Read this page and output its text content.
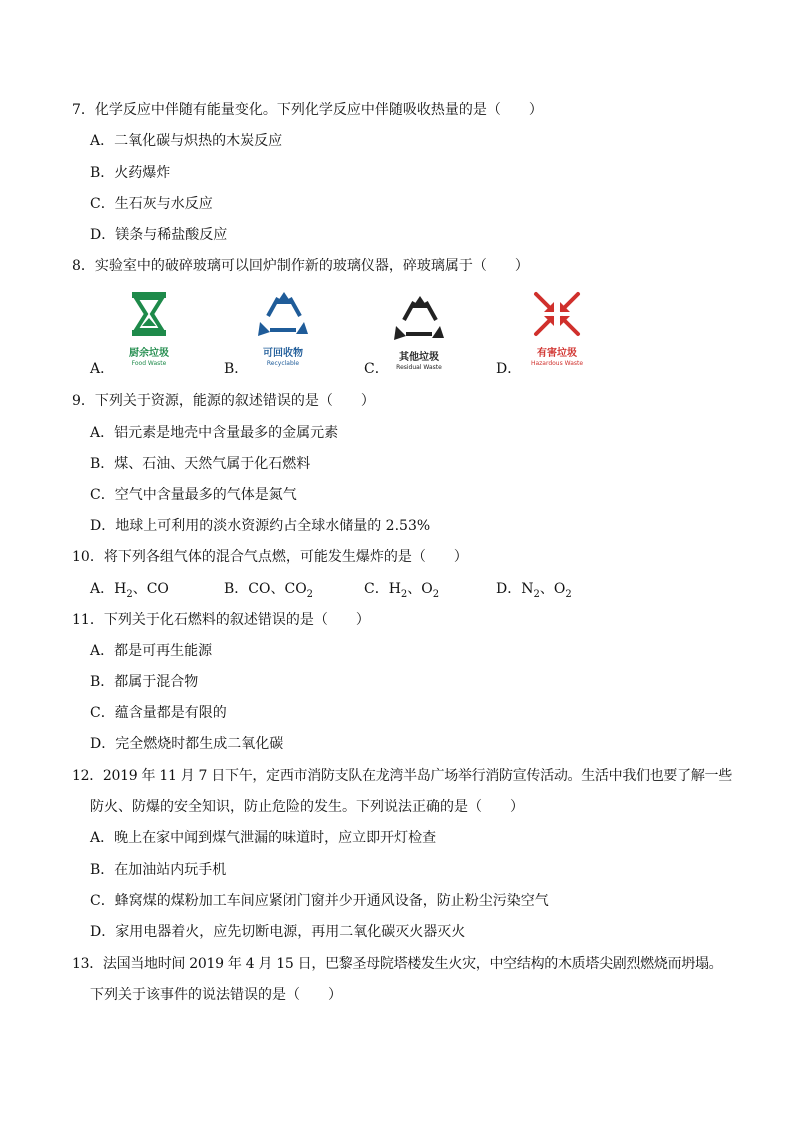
7．化学反应中伴随有能量变化。下列化学反应中伴随吸收热量的是（　　）
A．二氧化碳与炽热的木炭反应
B．火药爆炸
C．生石灰与水反应
D．镁条与稀盐酸反应
8．实验室中的破碎玻璃可以回炉制作新的玻璃仪器，碎玻璃属于（　　）
A．
厨余垃圾
Food Waste	B．
可回收物
Recyclable	C．
其他垃圾
Residual Waste	D．
有害垃圾
Hazardous Waste
9．下列关于资源，能源的叙述错误的是（　　）
A．铝元素是地壳中含量最多的金属元素
B．煤、石油、天然气属于化石燃料
C．空气中含量最多的气体是氮气
D．地球上可利用的淡水资源约占全球水储量的 2.53%
10．将下列各组气体的混合气点燃，可能发生爆炸的是（　　）
A．$H_2$、CO	B．CO、$CO_2$	C．$H_2$、$O_2$	D．$N_2$、$O_2$
11．下列关于化石燃料的叙述错误的是（　　）
A．都是可再生能源
B．都属于混合物
C．蕴含量都是有限的
D．完全燃烧时都生成二氧化碳
12．2019 年 11 月 7 日下午，定西市消防支队在龙湾半岛广场举行消防宣传活动。生活中我们也要了解一些
防火、防爆的安全知识，防止危险的发生。下列说法正确的是（　　）
A．晚上在家中闻到煤气泄漏的味道时，应立即开灯检查
B．在加油站内玩手机
C．蜂窝煤的煤粉加工车间应紧闭门窗并少开通风设备，防止粉尘污染空气
D．家用电器着火，应先切断电源，再用二氧化碳灭火器灭火
13．法国当地时间 2019 年 4 月 15 日，巴黎圣母院塔楼发生火灾，中空结构的木质塔尖剧烈燃烧而坍塌。
下列关于该事件的说法错误的是（　　）
